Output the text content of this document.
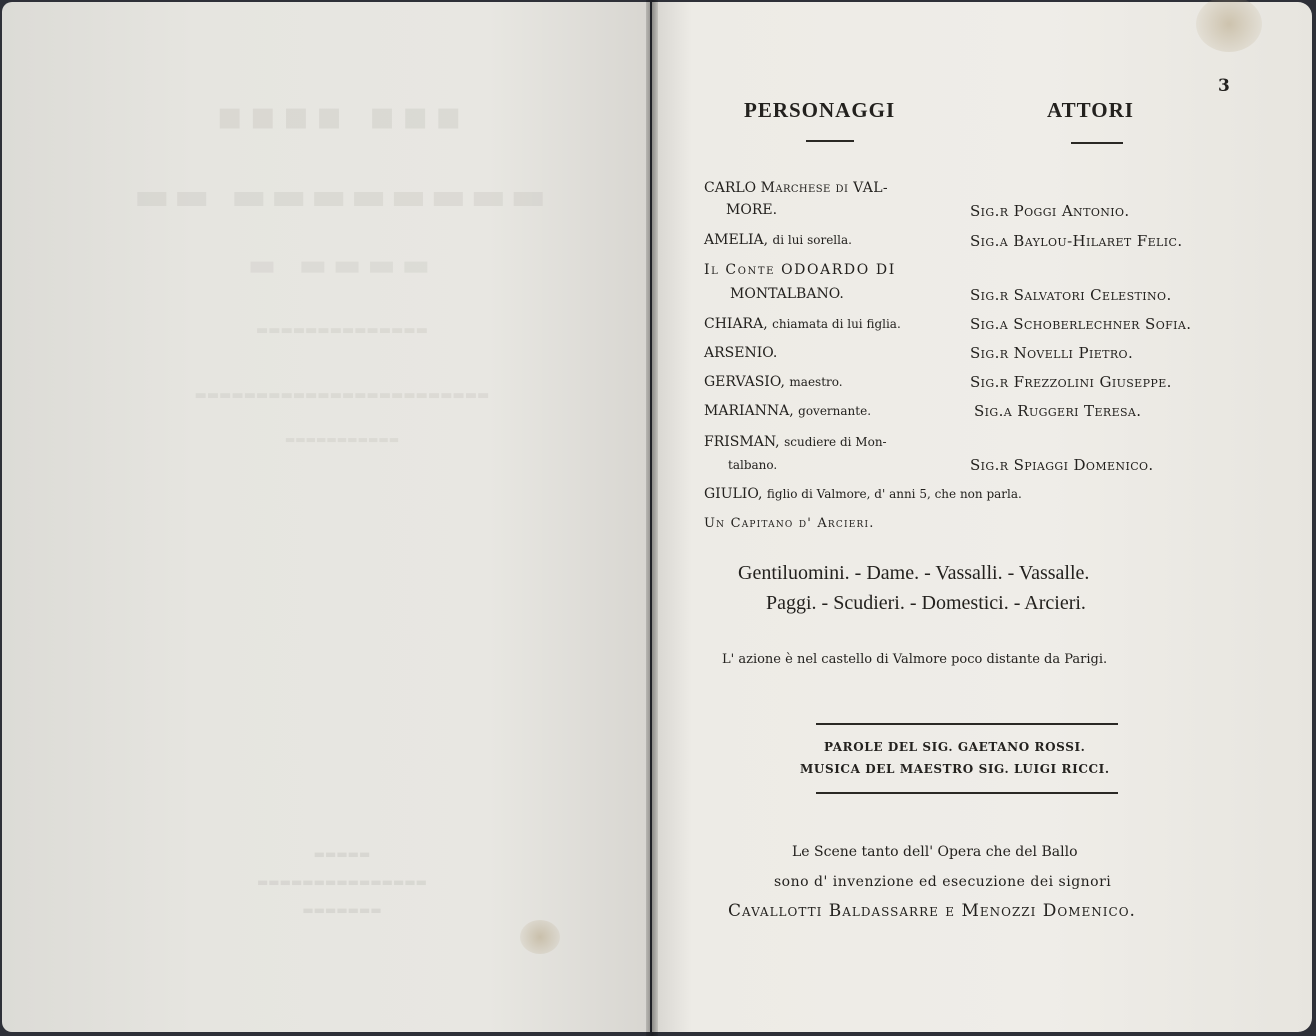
▪▪▪▪ ▪▪▪
▬▬ ▬▬▬▬▬▬▬▬
▬ ▬▬▬▬
▬▬▬▬▬▬▬▬▬▬▬▬▬▬
▬▬▬▬▬▬▬▬▬▬▬▬▬▬▬▬▬▬▬▬▬▬▬▬
▬▬▬▬▬▬▬▬▬▬▬
▬▬▬▬▬
▬▬▬▬▬▬▬▬▬▬▬▬▬▬▬
▬▬▬▬▬▬▬
3
PERSONAGGI	ATTORI
CARLO Marchese di VAL-
MORE.	Sig.r Poggi Antonio.
AMELIA, di lui sorella.	Sig.a Baylou-Hilaret Felic.
Il Conte ODOARDO DI
MONTALBANO.	Sig.r Salvatori Celestino.
CHIARA, chiamata di lui figlia.	Sig.a Schoberlechner Sofia.
ARSENIO.	Sig.r Novelli Pietro.
GERVASIO, maestro.	Sig.r Frezzolini Giuseppe.
MARIANNA, governante.	Sig.a Ruggeri Teresa.
FRISMAN, scudiere di Mon-
talbano.	Sig.r Spiaggi Domenico.
GIULIO, figlio di Valmore, d' anni 5, che non parla.
Un Capitano d' Arcieri.
Gentiluomini. - Dame. - Vassalli. - Vassalle.
Paggi. - Scudieri. - Domestici. - Arcieri.
L' azione è nel castello di Valmore poco distante da Parigi.
PAROLE DEL SIG. GAETANO ROSSI.
MUSICA DEL MAESTRO SIG. LUIGI RICCI.
Le Scene tanto dell' Opera che del Ballo
sono d' invenzione ed esecuzione dei signori
Cavallotti Baldassarre e Menozzi Domenico.
